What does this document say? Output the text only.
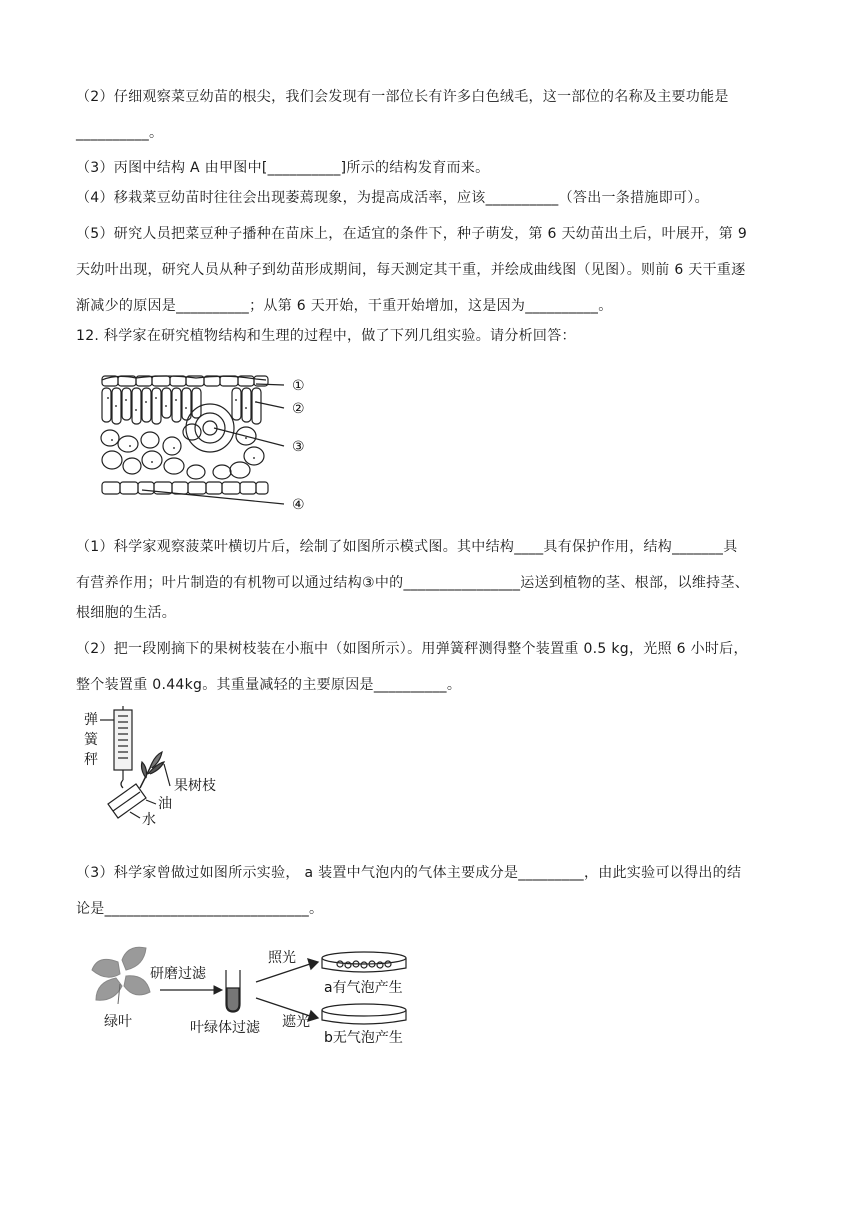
（2）仔细观察菜豆幼苗的根尖，我们会发现有一部位长有许多白色绒毛，这一部位的名称及主要功能是
__________。
（3）丙图中结构 A 由甲图中[__________]所示的结构发育而来。
（4）移栽菜豆幼苗时往往会出现萎蔫现象，为提高成活率，应该__________（答出一条措施即可）。
（5）研究人员把菜豆种子播种在苗床上，在适宜的条件下，种子萌发，第 6 天幼苗出土后，叶展开，第 9
天幼叶出现，研究人员从种子到幼苗形成期间，每天测定其干重，并绘成曲线图（见图）。则前 6 天干重逐
渐减少的原因是__________；从第 6 天开始，干重开始增加，这是因为__________。
12. 科学家在研究植物结构和生理的过程中，做了下列几组实验。请分析回答：
①
②
③
④
（1）科学家观察菠菜叶横切片后，绘制了如图所示模式图。其中结构____具有保护作用，结构_______具
有营养作用；叶片制造的有机物可以通过结构③中的________________运送到植物的茎、根部，以维持茎、
根细胞的生活。
（2）把一段刚摘下的果树枝装在小瓶中（如图所示）。用弹簧秤测得整个装置重 0.5 kg，光照 6 小时后，
整个装置重 0.44kg。其重量减轻的主要原因是__________。
弹
簧
秤
果树枝
油
水
（3）科学家曾做过如图所示实验， a 装置中气泡内的气体主要成分是_________，由此实验可以得出的结
论是____________________________。
绿叶
研磨过滤
叶绿体过滤
照光
遮光
a有气泡产生
b无气泡产生
